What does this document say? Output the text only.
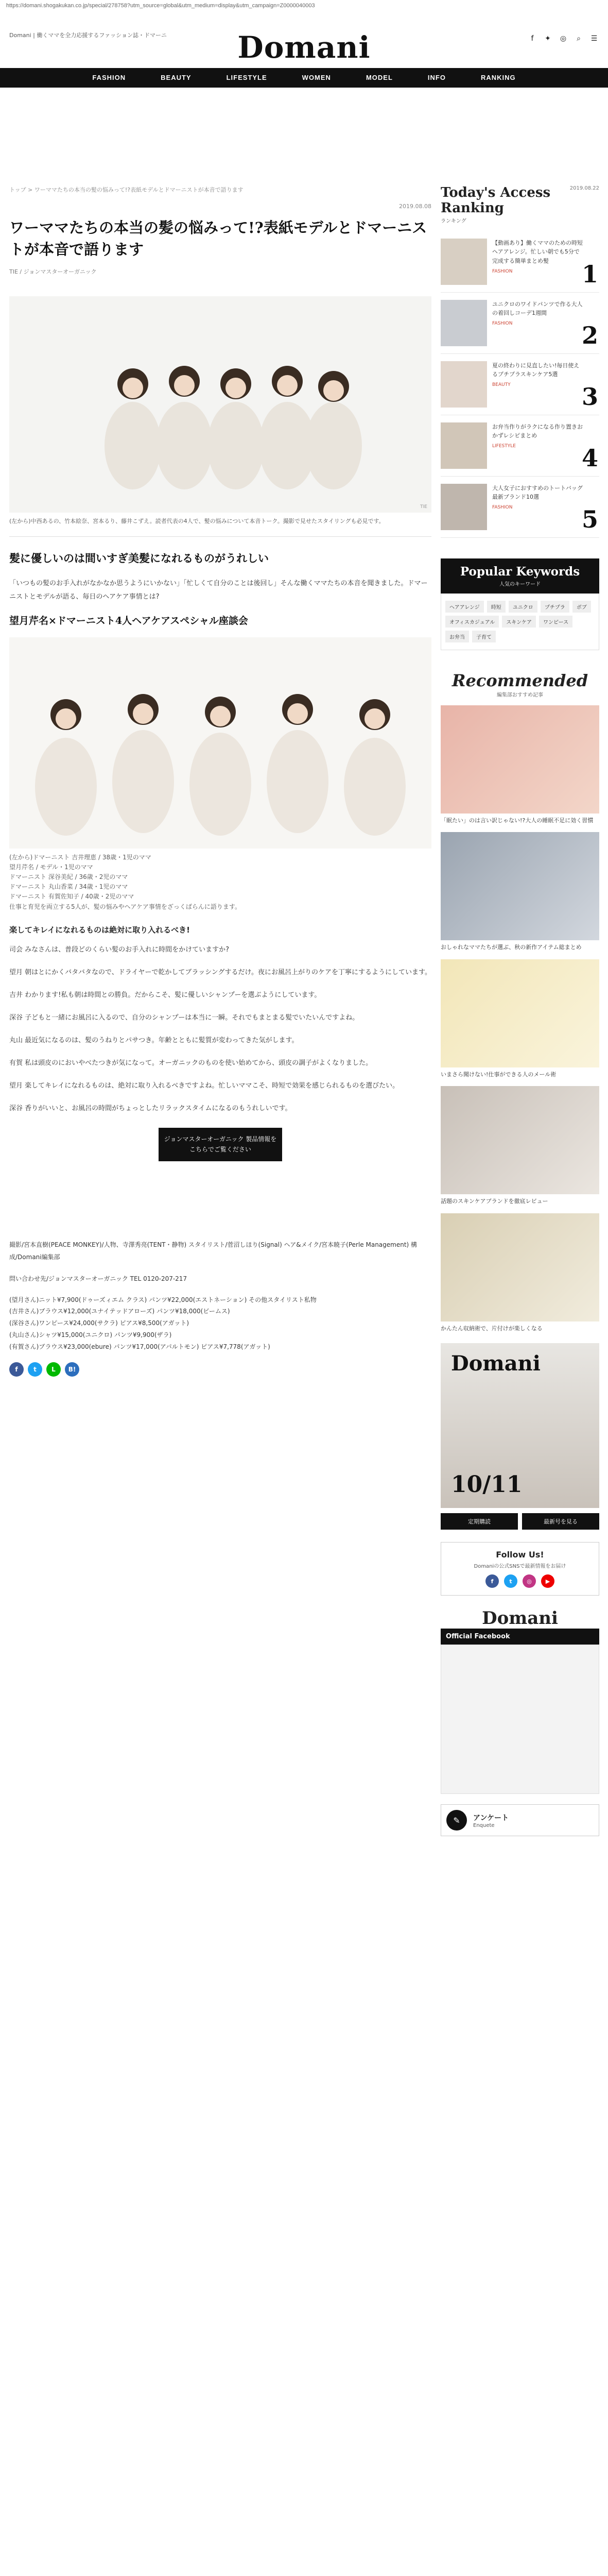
https://domani.shogakukan.co.jp/special/278758?utm_source=global&utm_medium=display&utm_campaign=Z0000040003
Domani | 働くママを全力応援するファッション誌・ドマーニ	Domani	f	✦ ◎	⌕	☰
FASHION	BEAUTY	LIFESTYLE	WOMEN	MODEL	INFO	RANKING
トップ > ワーママたちの本当の髪の悩みって!?表紙モデルとドマーニストが本音で語ります
2019.08.08
ワーママたちの本当の髪の悩みって!?表紙モデルとドマーニストが本音で語ります
TIE / ジョンマスターオーガニック
TIE

(左から)中西あるの、竹本絵奈、宮本るり、藤井こずえ。読者代表の4人で、髪の悩みについて本音トーク。撮影で見せたスタイリングも必見です。

髪に優しいのは間いすぎ美髪になれるものがうれしい

「いつもの髪のお手入れがなかなか思うようにいかない」「忙しくて自分のことは後回し」そんな働くママたちの本音を聞きました。ドマーニストとモデルが語る、毎日のヘアケア事情とは?

望月芹名×ドマーニスト4人ヘアケアスペシャル座談会

(左から)ドマーニスト 吉井理恵 / 38歳・1児のママ
望月芹名 / モデル・1児のママ
ドマーニスト 深谷美紀 / 36歳・2児のママ
ドマーニスト 丸山香菜 / 34歳・1児のママ
ドマーニスト 有賀佐知子 / 40歳・2児のママ
仕事と育児を両立する5人が、髪の悩みやヘアケア事情をざっくばらんに語ります。

楽してキレイになれるものは絶対に取り入れるべき!

司会 みなさんは、普段どのくらい髪のお手入れに時間をかけていますか?

望月 朝はとにかくバタバタなので、ドライヤーで乾かしてブラッシングするだけ。夜にお風呂上がりのケアを丁寧にするようにしています。

吉井 わかります!私も朝は時間との勝負。だからこそ、髪に優しいシャンプーを選ぶようにしています。

深谷 子どもと一緒にお風呂に入るので、自分のシャンプーは本当に一瞬。それでもまとまる髪でいたいんですよね。

丸山 最近気になるのは、髪のうねりとパサつき。年齢とともに髪質が変わってきた気がします。

有賀 私は頭皮のにおいやべたつきが気になって。オーガニックのものを使い始めてから、頭皮の調子がよくなりました。

望月 楽してキレイになれるものは、絶対に取り入れるべきですよね。忙しいママこそ、時短で効果を感じられるものを選びたい。

深谷 香りがいいと、お風呂の時間がちょっとしたリラックスタイムになるのもうれしいです。

ジョンマスターオーガニック 製品情報をこちらでご覧ください

撮影/宮本直樹(PEACE MONKEY)/人物、寺澤秀亮(TENT・静物) スタイリスト/菅沼しほり(Signal) ヘア&メイク/宮本暁子(Perle Management) 構成/Domani編集部

問い合わせ先/ジョンマスターオーガニック TEL 0120-207-217

(望月さん)ニット¥7,900(ドゥーズィエム クラス) パンツ¥22,000(エストネーション) その他スタイリスト私物
(吉井さん)ブラウス¥12,000(ユナイテッドアローズ) パンツ¥18,000(ビームス)
(深谷さん)ワンピース¥24,000(サクラ) ピアス¥8,500(アガット)
(丸山さん)シャツ¥15,000(ユニクロ) パンツ¥9,900(ザラ)
(有賀さん)ブラウス¥23,000(ebure) パンツ¥17,000(アパルトモン) ピアス¥7,778(アガット)

f	t	L	B!
Today's Access Ranking
ランキング
2019.08.22
【動画あり】働くママのための時短ヘアアレンジ。忙しい朝でも5分で完成する簡単まとめ髪
FASHION	1
ユニクロのワイドパンツで作る大人の着回しコーデ1週間
FASHION	2
夏の終わりに見直したい!毎日使えるプチプラスキンケア5選
BEAUTY	3
お弁当作りがラクになる作り置きおかずレシピまとめ
LIFESTYLE	4
大人女子におすすめのトートバッグ最新ブランド10選
FASHION	5
Popular Keywords
人気のキーワード
ヘアアレンジ	時短	ユニクロ	プチプラ	ボブ
オフィスカジュアル	スキンケア	ワンピース
お弁当	子育て
Recommended
編集部おすすめ記事
「眠たい」のは言い訳じゃない!?大人の睡眠不足に効く習慣
おしゃれなママたちが選ぶ、秋の新作アイテム総まとめ
いまさら聞けない!仕事ができる人のメール術
話題のスキンケアブランドを徹底レビュー
かんたん収納術で、片付けが楽しくなる
Domani
10/11
定期購読	最新号を見る
Follow Us!
Domaniの公式SNSで最新情報をお届け
f	t	◎	▶
Domani
Official Facebook
✎	アンケート
Enquete
